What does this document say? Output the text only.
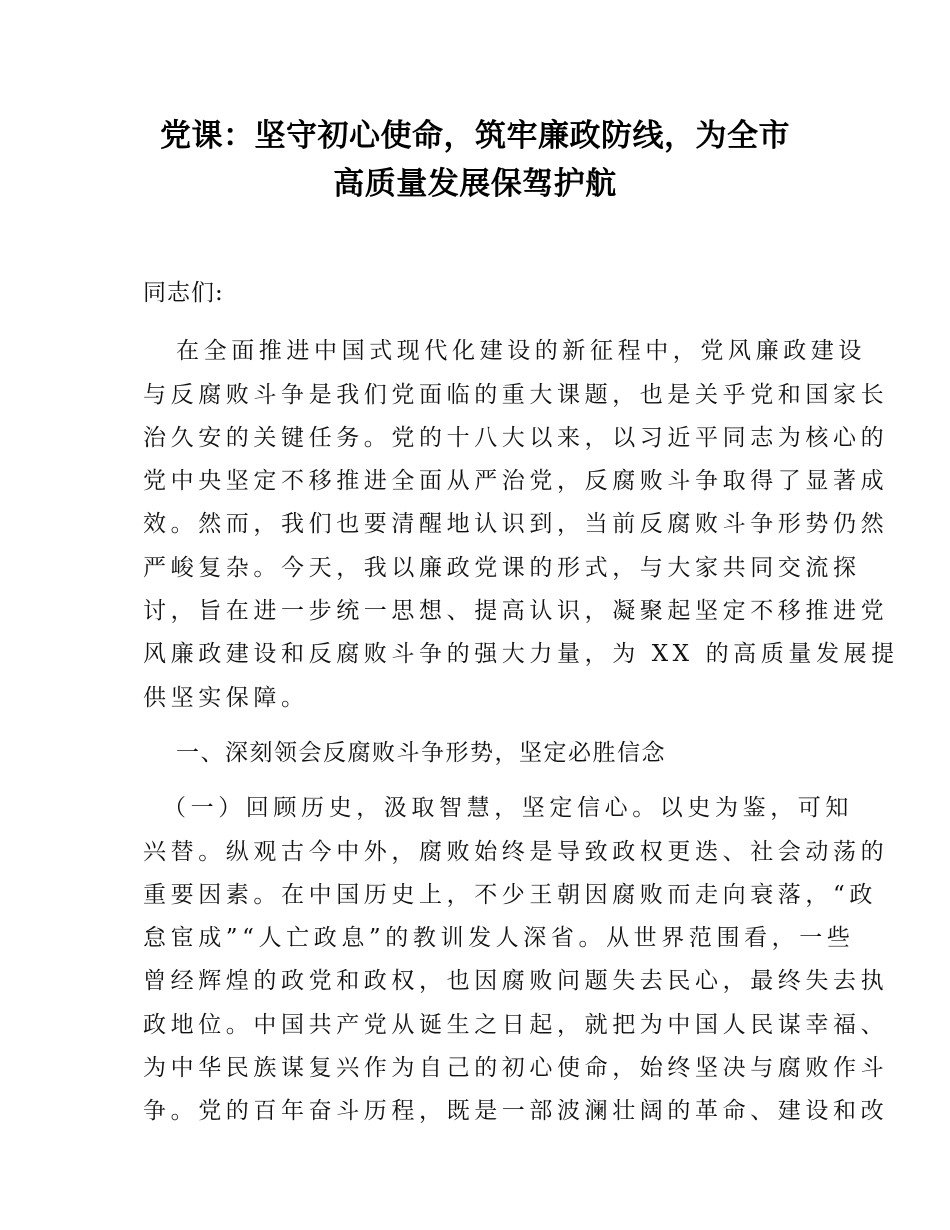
党课：坚守初心使命，筑牢廉政防线，为全市
高质量发展保驾护航

同志们:

在全面推进中国式现代化建设的新征程中，党风廉政建设
与反腐败斗争是我们党面临的重大课题，也是关乎党和国家长
治久安的关键任务。党的十八大以来，以习近平同志为核心的
党中央坚定不移推进全面从严治党，反腐败斗争取得了显著成
效。然而，我们也要清醒地认识到，当前反腐败斗争形势仍然
严峻复杂。今天，我以廉政党课的形式，与大家共同交流探
讨，旨在进一步统一思想、提高认识，凝聚起坚定不移推进党
风廉政建设和反腐败斗争的强大力量，为 XX 的高质量发展提
供坚实保障。

一、深刻领会反腐败斗争形势，坚定必胜信念

（一）回顾历史，汲取智慧，坚定信心。以史为鉴，可知
兴替。纵观古今中外，腐败始终是导致政权更迭、社会动荡的
重要因素。在中国历史上，不少王朝因腐败而走向衰落，“政
怠宦成”“人亡政息”的教训发人深省。从世界范围看，一些
曾经辉煌的政党和政权，也因腐败问题失去民心，最终失去执
政地位。中国共产党从诞生之日起，就把为中国人民谋幸福、
为中华民族谋复兴作为自己的初心使命，始终坚决与腐败作斗
争。党的百年奋斗历程，既是一部波澜壮阔的革命、建设和改
